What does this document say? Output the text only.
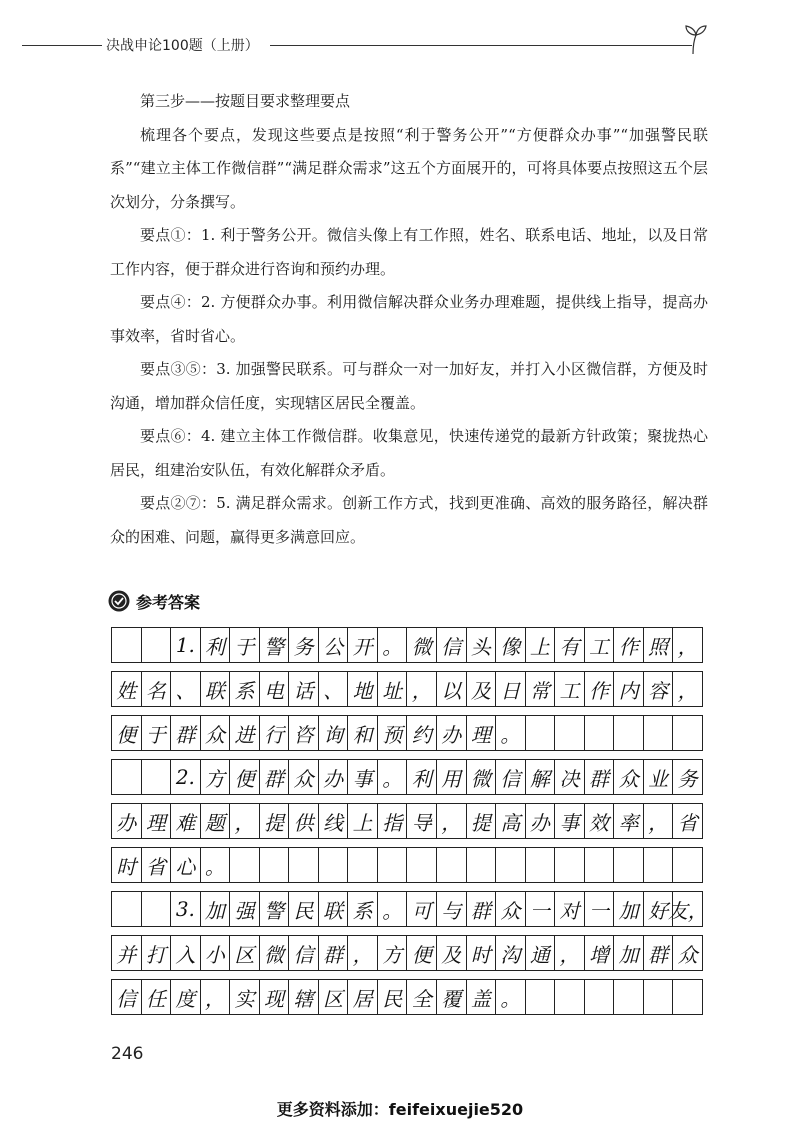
决战申论100题（上册）

第三步——按题目要求整理要点

梳理各个要点，发现这些要点是按照“利于警务公开”“方便群众办事”“加强警民联系”“建立主体工作微信群”“满足群众需求”这五个方面展开的，可将具体要点按照这五个层次划分，分条撰写。

要点①：1. 利于警务公开。微信头像上有工作照，姓名、联系电话、地址，以及日常工作内容，便于群众进行咨询和预约办理。

要点④：2. 方便群众办事。利用微信解决群众业务办理难题，提供线上指导，提高办事效率，省时省心。

要点③⑤：3. 加强警民联系。可与群众一对一加好友，并打入小区微信群，方便及时沟通，增加群众信任度，实现辖区居民全覆盖。

要点⑥：4. 建立主体工作微信群。收集意见，快速传递党的最新方针政策；聚拢热心居民，组建治安队伍，有效化解群众矛盾。

要点②⑦：5. 满足群众需求。创新工作方式，找到更准确、高效的服务路径，解决群众的困难、问题，赢得更多满意回应。

参考答案
1. 利 于 警 务 公 开 。 微 信 头 像 上 有 工 作 照 ，
姓 名 、 联 系 电 话 、 地 址 ， 以 及 日 常 工 作 内 容 ，
便 于 群 众 进 行 咨 询 和 预 约 办 理 。
2. 方 便 群 众 办 事 。 利 用 微 信 解 决 群 众 业 务
办 理 难 题 ， 提 供 线 上 指 导 ， 提 高 办 事 效 率 ， 省
时 省 心 。
3. 加 强 警 民 联 系 。 可 与 群 众 一 对 一 加 好 友，
并 打 入 小 区 微 信 群 ， 方 便 及 时 沟 通 ， 增 加 群 众
信 任 度 ， 实 现 辖 区 居 民 全 覆 盖 。
246
更多资料添加：feifeixuejie520
